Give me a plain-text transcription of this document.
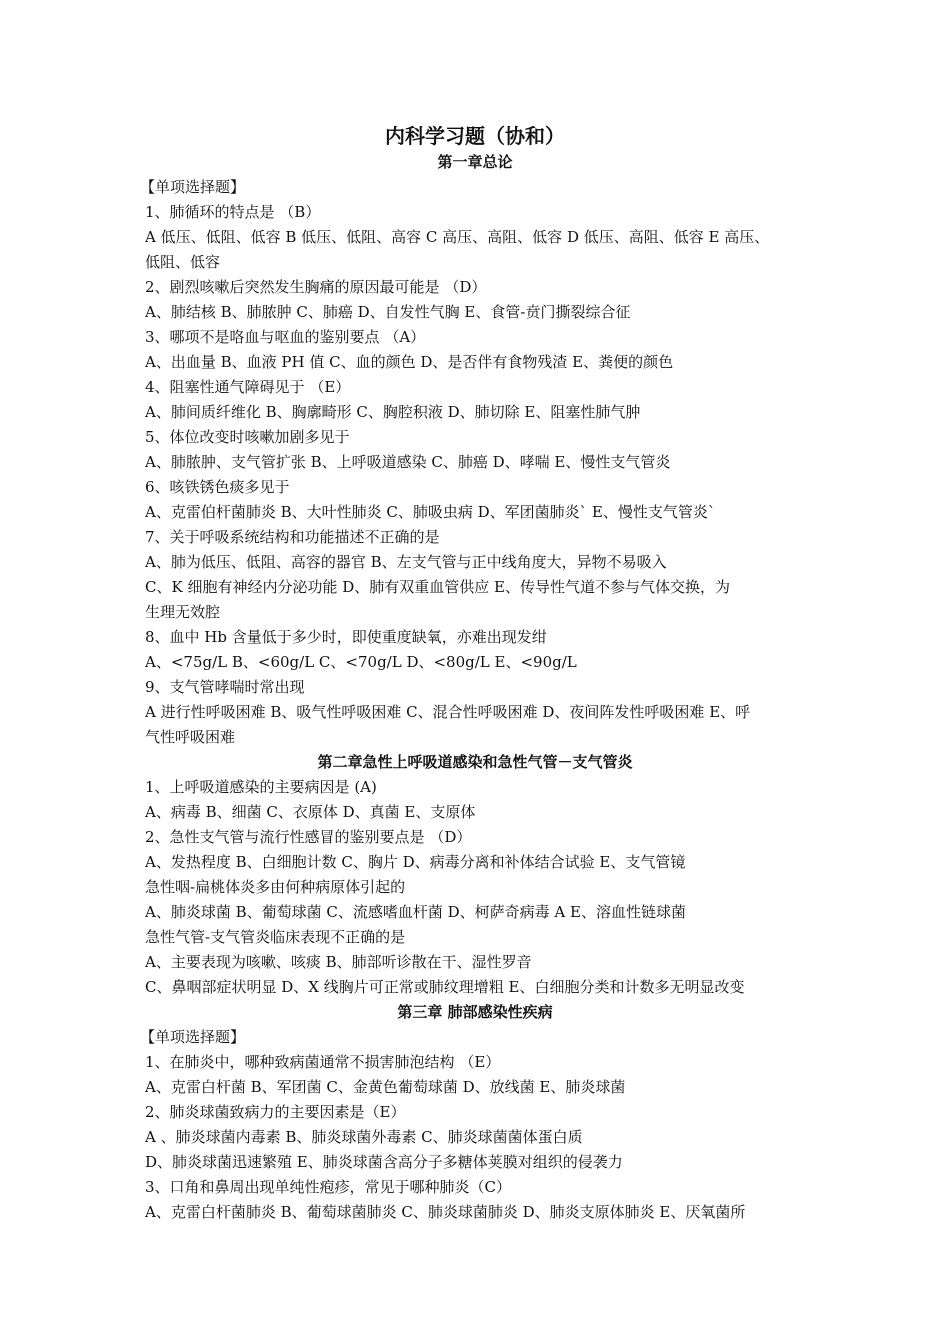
内科学习题（协和）
第一章总论
【单项选择题】
1、肺循环的特点是 （B）
A 低压、低阻、低容 B 低压、低阻、高容 C 高压、高阻、低容 D 低压、高阻、低容 E 高压、
低阻、低容
2、剧烈咳嗽后突然发生胸痛的原因最可能是 （D）
A、肺结核 B、肺脓肿 C、肺癌 D、自发性气胸 E、食管-贲门撕裂综合征
3、哪项不是咯血与呕血的鉴别要点 （A）
A、出血量 B、血液 PH 值 C、血的颜色 D、是否伴有食物残渣 E、粪便的颜色
4、阻塞性通气障碍见于 （E）
A、肺间质纤维化 B、胸廓畸形 C、胸腔积液 D、肺切除 E、阻塞性肺气肿
5、体位改变时咳嗽加剧多见于
A、肺脓肿、支气管扩张 B、上呼吸道感染 C、肺癌 D、哮喘 E、慢性支气管炎
6、咳铁锈色痰多见于
A、克雷伯杆菌肺炎 B、大叶性肺炎 C、肺吸虫病 D、军团菌肺炎` E、慢性支气管炎`
7、关于呼吸系统结构和功能描述不正确的是
A、肺为低压、低阻、高容的器官 B、左支气管与正中线角度大，异物不易吸入
C、K 细胞有神经内分泌功能 D、肺有双重血管供应 E、传导性气道不参与气体交换，为
生理无效腔
8、血中 Hb 含量低于多少时，即使重度缺氧，亦难出现发绀
A、<75g/L B、<60g/L C、<70g/L D、<80g/L E、<90g/L
9、支气管哮喘时常出现
A 进行性呼吸困难 B、吸气性呼吸困难 C、混合性呼吸困难 D、夜间阵发性呼吸困难 E、呼
气性呼吸困难
第二章急性上呼吸道感染和急性气管－支气管炎
1、上呼吸道感染的主要病因是 (A)
A、病毒 B、细菌 C、衣原体 D、真菌 E、支原体
2、急性支气管与流行性感冒的鉴别要点是 （D）
A、发热程度 B、白细胞计数 C、胸片 D、病毒分离和补体结合试验 E、支气管镜
急性咽-扁桃体炎多由何种病原体引起的
A、肺炎球菌 B、葡萄球菌 C、流感嗜血杆菌 D、柯萨奇病毒 A E、溶血性链球菌
急性气管-支气管炎临床表现不正确的是
A、主要表现为咳嗽、咳痰 B、肺部听诊散在干、湿性罗音
C、鼻咽部症状明显 D、X 线胸片可正常或肺纹理增粗 E、白细胞分类和计数多无明显改变
第三章 肺部感染性疾病
【单项选择题】
1、在肺炎中，哪种致病菌通常不损害肺泡结构 （E）
A、克雷白杆菌 B、军团菌 C、金黄色葡萄球菌 D、放线菌 E、肺炎球菌
2、肺炎球菌致病力的主要因素是（E）
A 、肺炎球菌内毒素 B、肺炎球菌外毒素 C、肺炎球菌菌体蛋白质
D、肺炎球菌迅速繁殖 E、肺炎球菌含高分子多糖体荚膜对组织的侵袭力
3、口角和鼻周出现单纯性疱疹，常见于哪种肺炎（C）
A、克雷白杆菌肺炎 B、葡萄球菌肺炎 C、肺炎球菌肺炎 D、肺炎支原体肺炎 E、厌氧菌所
